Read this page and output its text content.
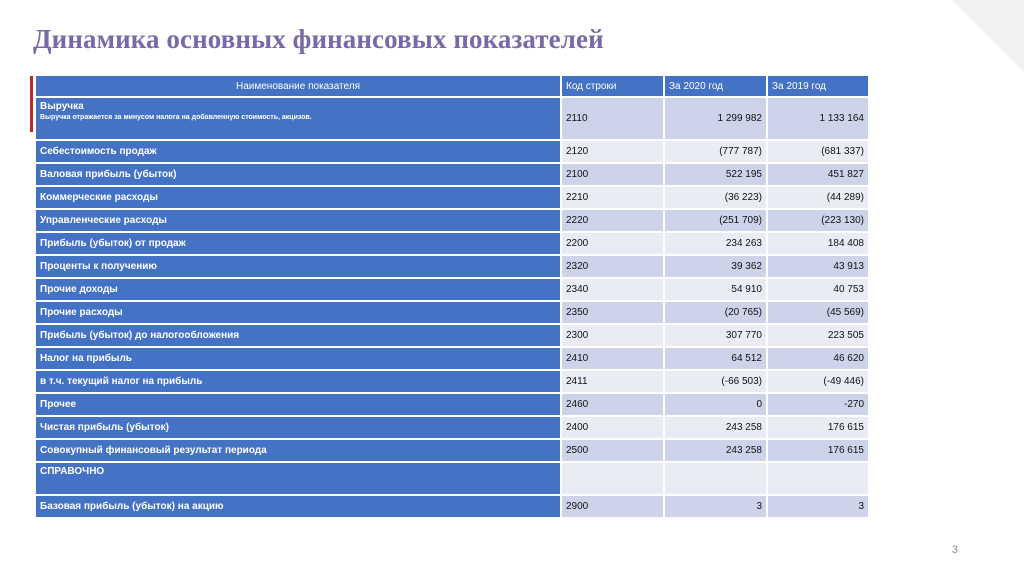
Динамика основных финансовых показателей
Наименование показателя	Код строки	За 2020 год	За 2019 год
Выручка
Выручка отражается за минусом налога на добавленную стоимость, акцизов.	2110	1 299 982	1 133 164
Себестоимость продаж	2120	(777 787)	(681 337)
Валовая прибыль (убыток)	2100	522 195	451 827
Коммерческие расходы	2210	(36 223)	(44 289)
Управленческие расходы	2220	(251 709)	(223 130)
Прибыль (убыток) от продаж	2200	234 263	184 408
Проценты к получению	2320	39 362	43 913
Прочие доходы	2340	54 910	40 753
Прочие расходы	2350	(20 765)	(45 569)
Прибыль (убыток) до налогообложения	2300	307 770	223 505
Налог на прибыль	2410	64 512	46 620
в т.ч. текущий налог на прибыль	2411	(-66 503)	(-49 446)
Прочее	2460	0	-270
Чистая прибыль (убыток)	2400	243 258	176 615
Совокупный финансовый результат периода	2500	243 258	176 615
СПРАВОЧНО			
Базовая прибыль (убыток) на акцию	2900	3	3
3
